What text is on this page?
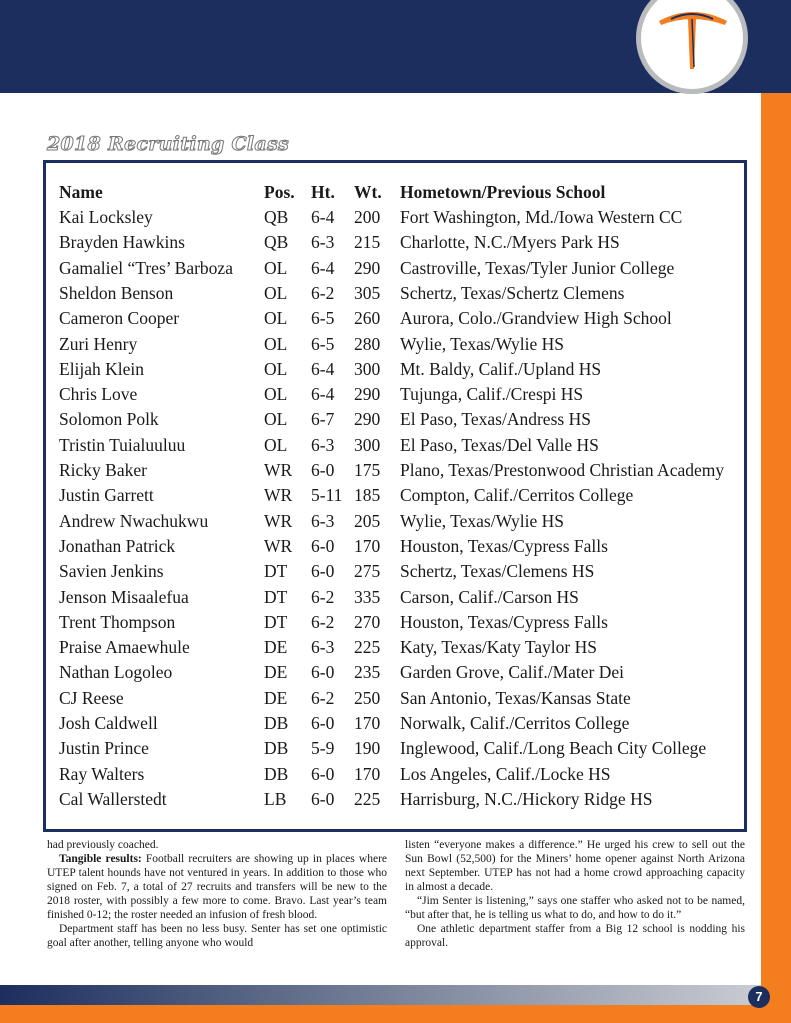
2018 Recruiting Class
Name	Pos. Ht. Wt. Hometown/Previous School
Kai Locksley	QB 6-4 200 Fort Washington, Md./Iowa Western CC
Brayden Hawkins	QB 6-3 215 Charlotte, N.C./Myers Park HS
Gamaliel “Tres’ Barboza OL 6-4 290 Castroville, Texas/Tyler Junior College
Sheldon Benson	OL 6-2 305 Schertz, Texas/Schertz Clemens
Cameron Cooper	OL 6-5 260 Aurora, Colo./Grandview High School
Zuri Henry	OL 6-5 280 Wylie, Texas/Wylie HS
Elijah Klein	OL 6-4 300 Mt. Baldy, Calif./Upland HS
Chris Love	OL 6-4 290 Tujunga, Calif./Crespi HS
Solomon Polk	OL 6-7 290 El Paso, Texas/Andress HS
Tristin Tuialuuluu	OL 6-3 300 El Paso, Texas/Del Valle HS
Ricky Baker	WR 6-0 175 Plano, Texas/Prestonwood Christian Academy
Justin Garrett	WR 5-11 185 Compton, Calif./Cerritos College
Andrew Nwachukwu	WR 6-3 205 Wylie, Texas/Wylie HS
Jonathan Patrick	WR 6-0 170 Houston, Texas/Cypress Falls
Savien Jenkins	DT 6-0 275 Schertz, Texas/Clemens HS
Jenson Misaalefua	DT 6-2 335 Carson, Calif./Carson HS
Trent Thompson	DT 6-2 270 Houston, Texas/Cypress Falls
Praise Amaewhule	DE 6-3 225 Katy, Texas/Katy Taylor HS
Nathan Logoleo	DE 6-0 235 Garden Grove, Calif./Mater Dei
CJ Reese	DE 6-2 250 San Antonio, Texas/Kansas State
Josh Caldwell	DB 6-0 170 Norwalk, Calif./Cerritos College
Justin Prince	DB 5-9 190 Inglewood, Calif./Long Beach City College
Ray Walters	DB 6-0 170 Los Angeles, Calif./Locke HS
Cal Wallerstedt	LB 6-0 225 Harrisburg, N.C./Hickory Ridge HS

had previously coached.

Tangible results: Football recruiters are showing up in places where UTEP talent hounds have not ventured in years. In addition to those who signed on Feb. 7, a total of 27 recruits and transfers will be new to the 2018 roster, with possibly a few more to come. Bravo. Last year’s team finished 0-12; the roster needed an infusion of fresh blood.

Department staff has been no less busy. Senter has set one optimistic goal after another, telling anyone who would

listen “everyone makes a difference.” He urged his crew to sell out the Sun Bowl (52,500) for the Miners’ home opener against North Arizona next September. UTEP has not had a home crowd approaching capacity in almost a decade.

“Jim Senter is listening,” says one staffer who asked not to be named, “but after that, he is telling us what to do, and how to do it.”

One athletic department staffer from a Big 12 school is nodding his approval.

7
